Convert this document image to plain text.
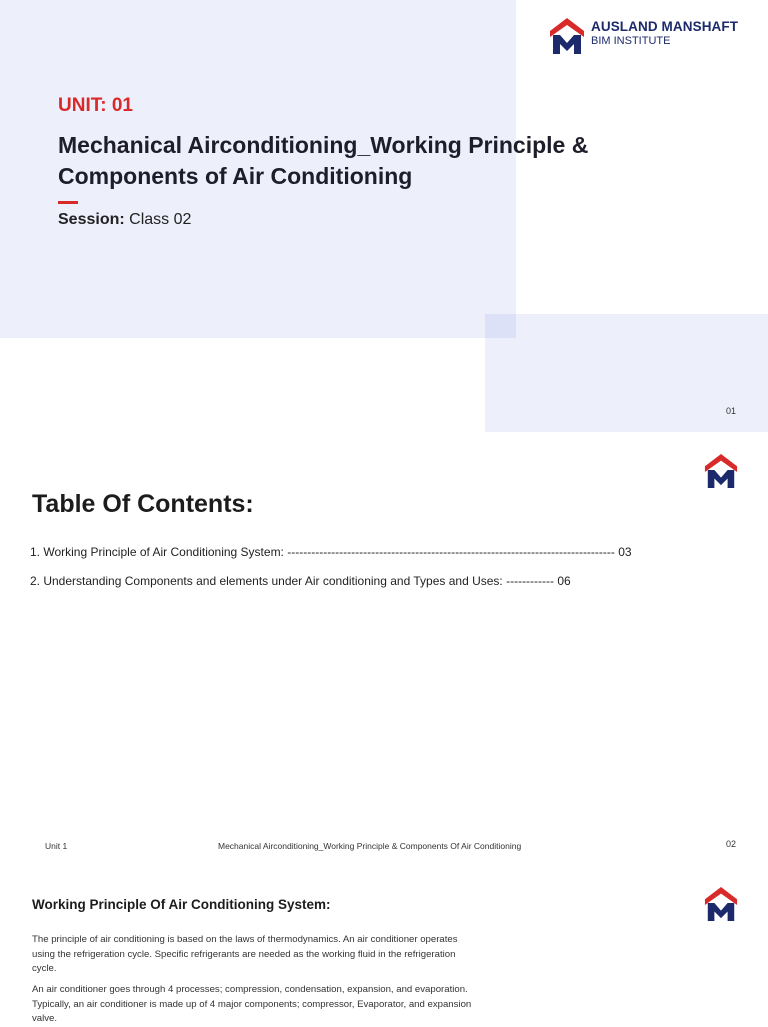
AUSLAND MANSHAFT
BIM INSTITUTE
UNIT: 01
Mechanical Airconditioning_Working Principle & Components of Air Conditioning
Session: Class 02
01
Table Of Contents:
1. Working Principle of Air Conditioning System: ---------------------------------------------------------------------------------- 03
2. Understanding Components and elements under Air conditioning and Types and Uses: ------------ 06
Unit 1	Mechanical Airconditioning_Working Principle & Components Of Air Conditioning	02
Working Principle Of Air Conditioning System:
The principle of air conditioning is based on the laws of thermodynamics. An air conditioner operates using the refrigeration cycle. Specific refrigerants are needed as the working fluid in the refrigeration cycle.
An air conditioner goes through 4 processes; compression, condensation, expansion, and evaporation. Typically, an air conditioner is made up of 4 major components; compressor, Evaporator, and expansion valve.
